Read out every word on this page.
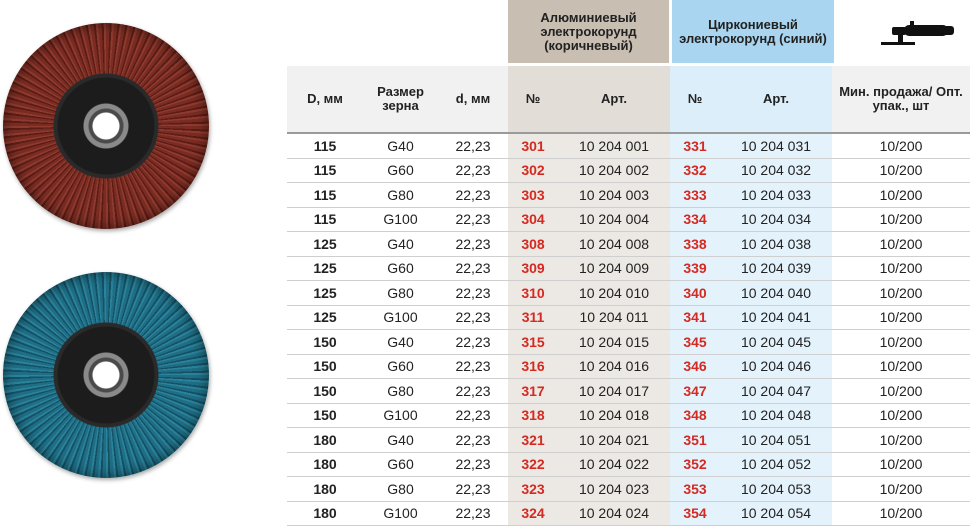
Алюминиевый электрокорунд (коричневый)
Циркониевый электрокорунд (синий)
D, мм	Размер зерна	d, мм	№	Арт.	№	Арт.	Мин. продажа/ Опт. упак., шт
115	G40	22,23	301	10 204 001	331	10 204 031	10/200
115	G60	22,23	302	10 204 002	332	10 204 032	10/200
115	G80	22,23	303	10 204 003	333	10 204 033	10/200
115	G100	22,23	304	10 204 004	334	10 204 034	10/200
125	G40	22,23	308	10 204 008	338	10 204 038	10/200
125	G60	22,23	309	10 204 009	339	10 204 039	10/200
125	G80	22,23	310	10 204 010	340	10 204 040	10/200
125	G100	22,23	311	10 204 011	341	10 204 041	10/200
150	G40	22,23	315	10 204 015	345	10 204 045	10/200
150	G60	22,23	316	10 204 016	346	10 204 046	10/200
150	G80	22,23	317	10 204 017	347	10 204 047	10/200
150	G100	22,23	318	10 204 018	348	10 204 048	10/200
180	G40	22,23	321	10 204 021	351	10 204 051	10/200
180	G60	22,23	322	10 204 022	352	10 204 052	10/200
180	G80	22,23	323	10 204 023	353	10 204 053	10/200
180	G100	22,23	324	10 204 024	354	10 204 054	10/200
